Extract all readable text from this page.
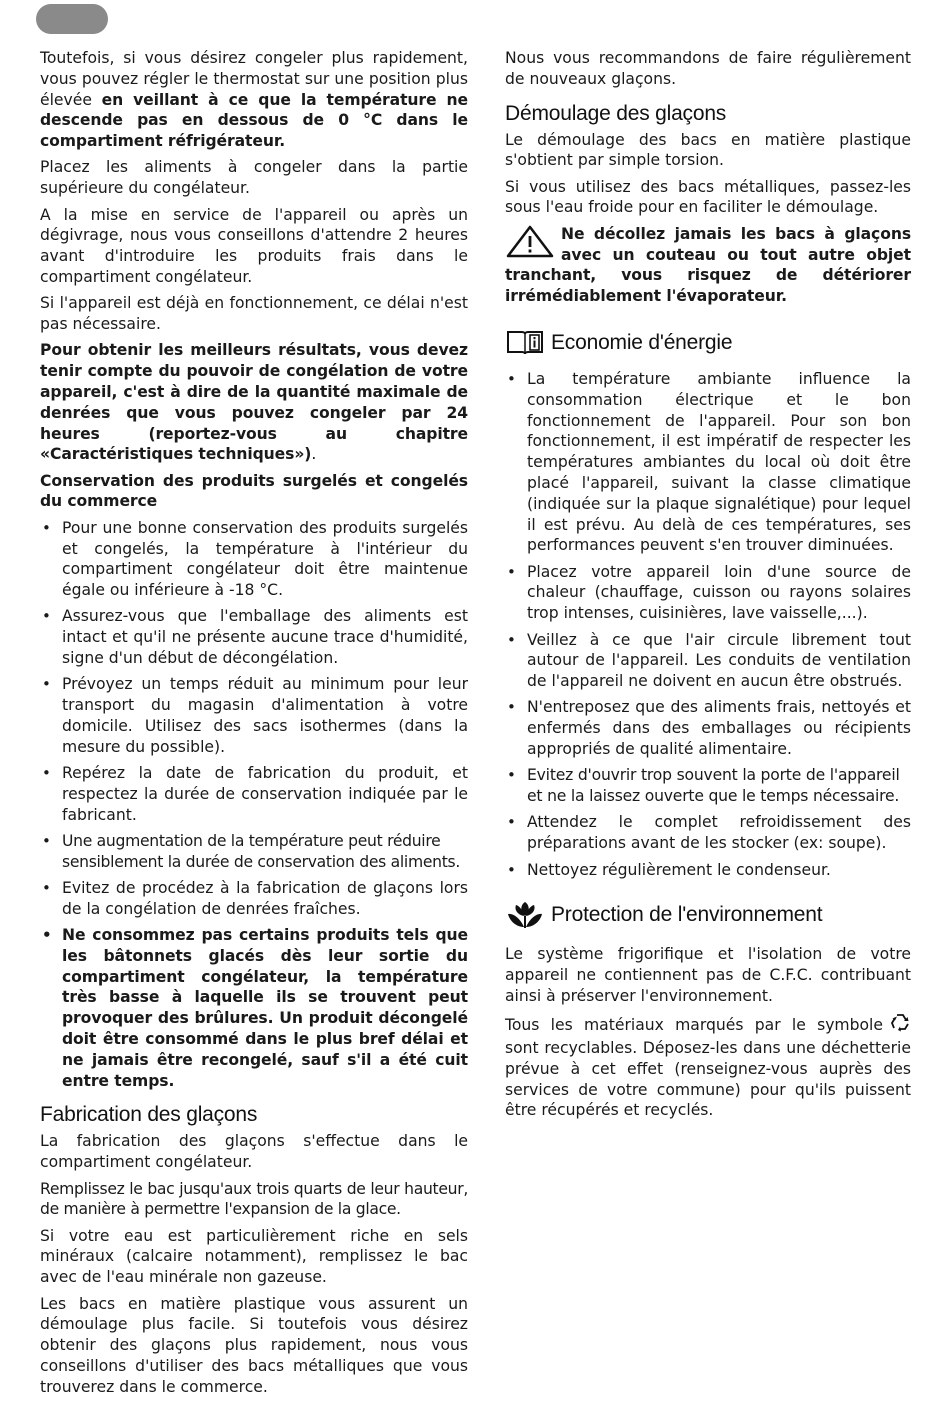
Toutefois, si vous désirez congeler plus rapidement, vous pouvez régler le thermostat sur une position plus élevée en veillant à ce que la température ne descende pas en dessous de 0 °C dans le compartiment réfrigérateur.

Placez les aliments à congeler dans la partie supérieure du congélateur.

A la mise en service de l'appareil ou après un dégivrage, nous vous conseillons d'attendre 2 heures avant d'introduire les produits frais dans le compartiment congélateur.

Si l'appareil est déjà en fonctionnement, ce délai n'est pas nécessaire.

Pour obtenir les meilleurs résultats, vous devez tenir compte du pouvoir de congélation de votre appareil, c'est à dire de la quantité maximale de denrées que vous pouvez congeler par 24 heures (reportez-vous au chapitre «Caractéristiques techniques»).

Conservation des produits surgelés et congelés du commerce

• Pour une bonne conservation des produits surgelés et congelés, la température à l'intérieur du compartiment congélateur doit être maintenue égale ou inférieure à -18 °C.
• Assurez-vous que l'emballage des aliments est intact et qu'il ne présente aucune trace d'humidité, signe d'un début de décongélation.
• Prévoyez un temps réduit au minimum pour leur transport du magasin d'alimentation à votre domicile. Utilisez des sacs isothermes (dans la mesure du possible).
• Repérez la date de fabrication du produit, et respectez la durée de conservation indiquée par le fabricant.
• Une augmentation de la température peut réduire sensiblement la durée de conservation des aliments.
• Evitez de procédez à la fabrication de glaçons lors de la congélation de denrées fraîches.
• Ne consommez pas certains produits tels que les bâtonnets glacés dès leur sortie du compartiment congélateur, la température très basse à laquelle ils se trouvent peut provoquer des brûlures. Un produit décongelé doit être consommé dans le plus bref délai et ne jamais être recongelé, sauf s'il a été cuit entre temps.
Fabrication des glaçons

La fabrication des glaçons s'effectue dans le compartiment congélateur.

Remplissez le bac jusqu'aux trois quarts de leur hauteur, de manière à permettre l'expansion de la glace.

Si votre eau est particulièrement riche en sels minéraux (calcaire notamment), remplissez le bac avec de l'eau minérale non gazeuse.

Les bacs en matière plastique vous assurent un démoulage plus facile. Si toutefois vous désirez obtenir des glaçons plus rapidement, nous vous conseillons d'utiliser des bacs métalliques que vous trouverez dans le commerce.

Nous vous recommandons de faire régulièrement de nouveaux glaçons.

Démoulage des glaçons

Le démoulage des bacs en matière plastique s'obtient par simple torsion.

Si vous utilisez des bacs métalliques, passez-les sous l'eau froide pour en faciliter le démoulage.

Ne décollez jamais les bacs à glaçons avec un couteau ou tout autre objet tranchant, vous risquez de détériorer irrémédiablement l'évaporateur.

Economie d'énergie
• La température ambiante influence la consommation électrique et le bon fonctionnement de l'appareil. Pour son bon fonctionnement, il est impératif de respecter les températures ambiantes du local où doit être placé l'appareil, suivant la classe climatique (indiquée sur la plaque signalétique) pour lequel il est prévu. Au delà de ces températures, ses performances peuvent s'en trouver diminuées.
• Placez votre appareil loin d'une source de chaleur (chauffage, cuisson ou rayons solaires trop intenses, cuisinières, lave vaisselle,...).
• Veillez à ce que l'air circule librement tout autour de l'appareil. Les conduits de ventilation de l'appareil ne doivent en aucun être obstrués.
• N'entreposez que des aliments frais, nettoyés et enfermés dans des emballages ou récipients appropriés de qualité alimentaire.
• Evitez d'ouvrir trop souvent la porte de l'appareil et ne la laissez ouverte que le temps nécessaire.
• Attendez le complet refroidissement des préparations avant de les stocker (ex: soupe).
• Nettoyez régulièrement le condenseur.
Protection de l'environnement

Le système frigorifique et l'isolation de votre appareil ne contiennent pas de C.F.C. contribuant ainsi à préserver l'environnement.

Tous les matériaux marqués par le symbole sont recyclables. Déposez-les dans une déchetterie prévue à cet effet (renseignez-vous auprès des services de votre commune) pour qu'ils puissent être récupérés et recyclés.
